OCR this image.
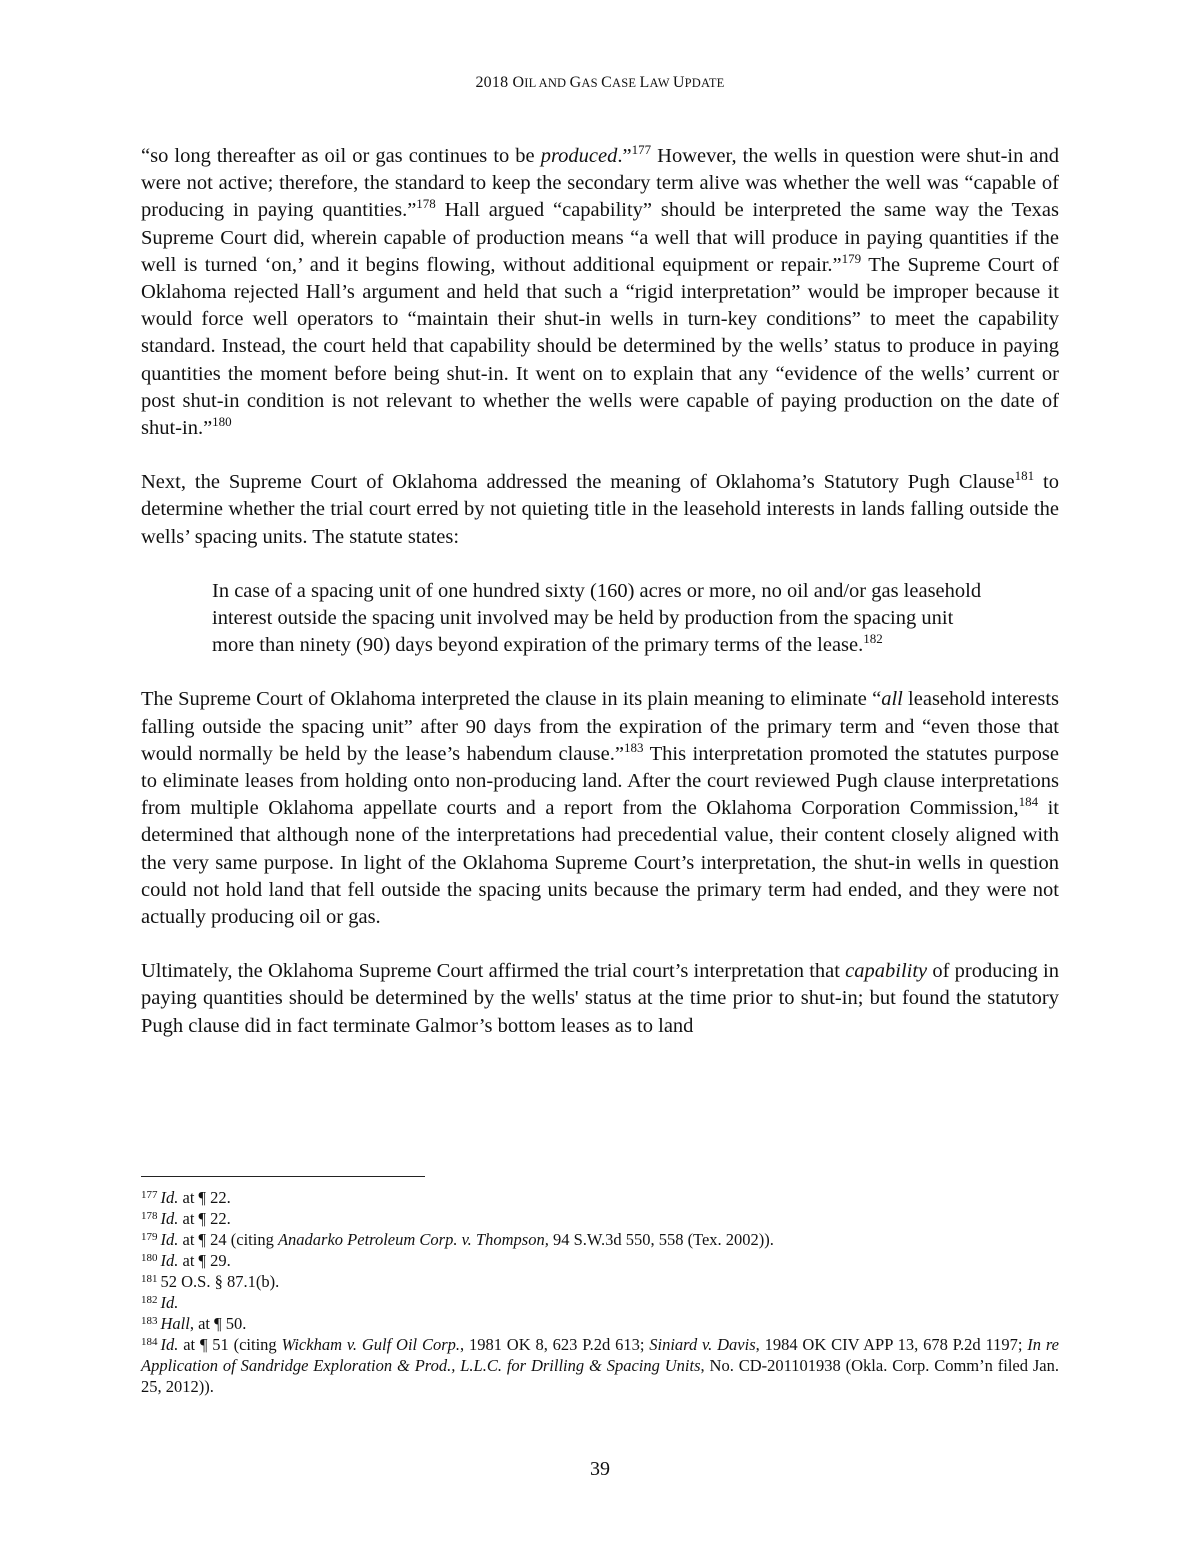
2018 OIL AND GAS CASE LAW UPDATE

“so long thereafter as oil or gas continues to be produced.”$^{177}$ However, the wells in question were shut-in and were not active; therefore, the standard to keep the secondary term alive was whether the well was “capable of producing in paying quantities.”$^{178}$ Hall argued “capability” should be interpreted the same way the Texas Supreme Court did, wherein capable of production means “a well that will produce in paying quantities if the well is turned ‘on,’ and it begins flowing, without additional equipment or repair.”$^{179}$ The Supreme Court of Oklahoma rejected Hall’s argument and held that such a “rigid interpretation” would be improper because it would force well operators to “maintain their shut-in wells in turn-key conditions” to meet the capability standard. Instead, the court held that capability should be determined by the wells’ status to produce in paying quantities the moment before being shut-in. It went on to explain that any “evidence of the wells’ current or post shut-in condition is not relevant to whether the wells were capable of paying production on the date of shut-in.”$^{180}$

Next, the Supreme Court of Oklahoma addressed the meaning of Oklahoma’s Statutory Pugh Clause$^{181}$ to determine whether the trial court erred by not quieting title in the leasehold interests in lands falling outside the wells’ spacing units. The statute states:

In case of a spacing unit of one hundred sixty (160) acres or more, no oil and/or gas leasehold interest outside the spacing unit involved may be held by production from the spacing unit more than ninety (90) days beyond expiration of the primary terms of the lease.$^{182}$

The Supreme Court of Oklahoma interpreted the clause in its plain meaning to eliminate “all leasehold interests falling outside the spacing unit” after 90 days from the expiration of the primary term and “even those that would normally be held by the lease’s habendum clause.”$^{183}$ This interpretation promoted the statutes purpose to eliminate leases from holding onto non-producing land. After the court reviewed Pugh clause interpretations from multiple Oklahoma appellate courts and a report from the Oklahoma Corporation Commission,$^{184}$ it determined that although none of the interpretations had precedential value, their content closely aligned with the very same purpose. In light of the Oklahoma Supreme Court’s interpretation, the shut-in wells in question could not hold land that fell outside the spacing units because the primary term had ended, and they were not actually producing oil or gas.

Ultimately, the Oklahoma Supreme Court affirmed the trial court’s interpretation that capability of producing in paying quantities should be determined by the wells' status at the time prior to shut-in; but found the statutory Pugh clause did in fact terminate Galmor’s bottom leases as to land

$^{177}$ Id. at ¶ 22.

$^{178}$ Id. at ¶ 22.

$^{179}$ Id. at ¶ 24 (citing Anadarko Petroleum Corp. v. Thompson, 94 S.W.3d 550, 558 (Tex. 2002)).

$^{180}$ Id. at ¶ 29.

$^{181}$ 52 O.S. § 87.1(b).

$^{182}$ Id.

$^{183}$ Hall, at ¶ 50.

$^{184}$ Id. at ¶ 51 (citing Wickham v. Gulf Oil Corp., 1981 OK 8, 623 P.2d 613; Siniard v. Davis, 1984 OK CIV APP 13, 678 P.2d 1197; In re Application of Sandridge Exploration & Prod., L.L.C. for Drilling & Spacing Units, No. CD-201101938 (Okla. Corp. Comm’n filed Jan. 25, 2012)).

39
